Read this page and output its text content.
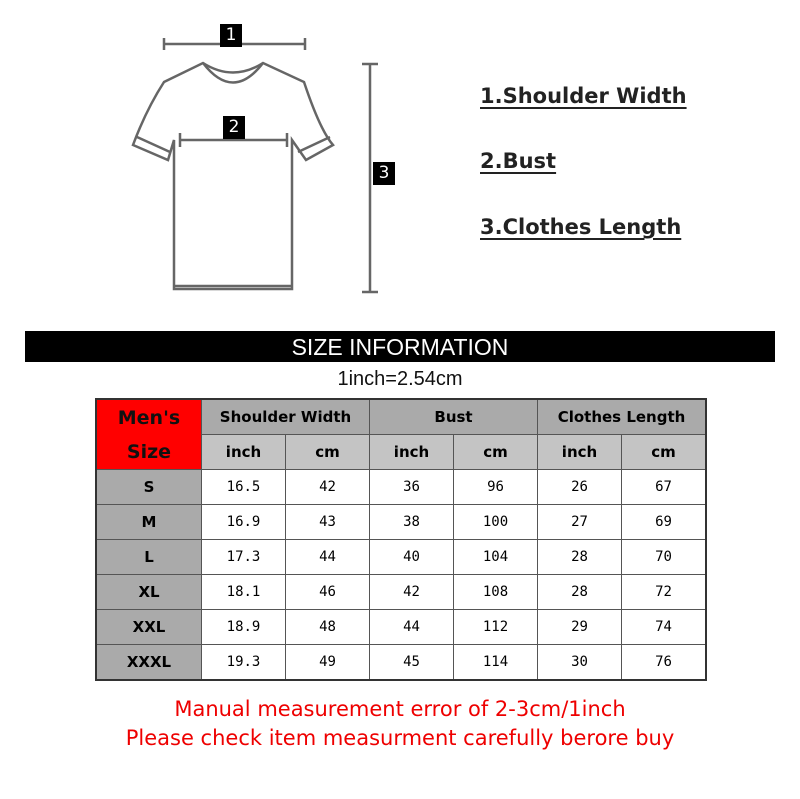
1
2
3
1.Shoulder Width
2.Bust
3.Clothes Length
SIZE INFORMATION
1inch=2.54cm
Men's
Size	Shoulder Width		Bust		Clothes Length	
	inch	cm	inch	cm	inch	cm
S	16.5	42	36	96	26	67
M	16.9	43	38	100	27	69
L	17.3	44	40	104	28	70
XL	18.1	46	42	108	28	72
XXL	18.9	48	44	112	29	74
XXXL	19.3	49	45	114	30	76
Manual measurement error of 2-3cm/1inch
Please check item measurment carefully berore buy
